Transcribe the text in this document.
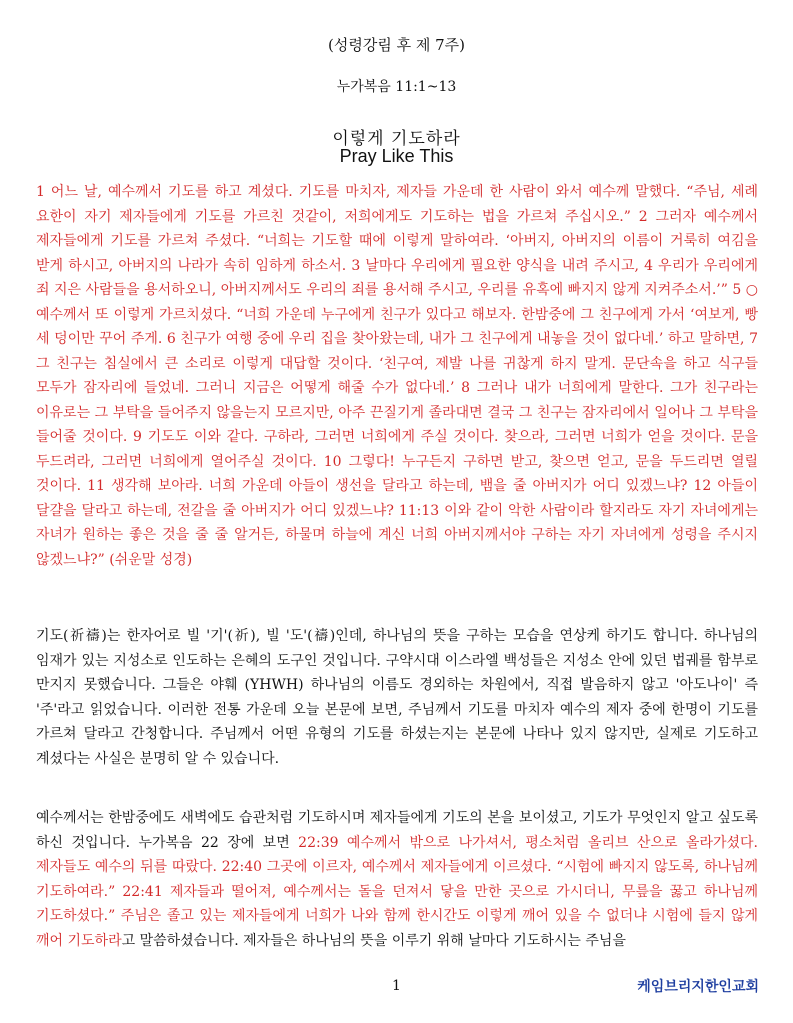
(성령강림 후 제 7주)
누가복음 11:1~13
이렇게 기도하라
Pray Like This
1 어느 날, 예수께서 기도를 하고 계셨다. 기도를 마치자, 제자들 가운데 한 사람이 와서 예수께 말했다. “주님, 세례 요한이 자기 제자들에게 기도를 가르친 것같이, 저희에게도 기도하는 법을 가르쳐 주십시오.” 2 그러자 예수께서 제자들에게 기도를 가르쳐 주셨다. “너희는 기도할 때에 이렇게 말하여라. ‘아버지, 아버지의 이름이 거룩히 여김을 받게 하시고, 아버지의 나라가 속히 임하게 하소서. 3 날마다 우리에게 필요한 양식을 내려 주시고, 4 우리가 우리에게 죄 지은 사람들을 용서하오니, 아버지께서도 우리의 죄를 용서해 주시고, 우리를 유혹에 빠지지 않게 지켜주소서.’” 5 ○ 예수께서 또 이렇게 가르치셨다. “너희 가운데 누구에게 친구가 있다고 해보자. 한밤중에 그 친구에게 가서 ‘여보게, 빵 세 덩이만 꾸어 주게. 6 친구가 여행 중에 우리 집을 찾아왔는데, 내가 그 친구에게 내놓을 것이 없다네.’ 하고 말하면, 7 그 친구는 침실에서 큰 소리로 이렇게 대답할 것이다. ‘친구여, 제발 나를 귀찮게 하지 말게. 문단속을 하고 식구들 모두가 잠자리에 들었네. 그러니 지금은 어떻게 해줄 수가 없다네.’ 8 그러나 내가 너희에게 말한다. 그가 친구라는 이유로는 그 부탁을 들어주지 않을는지 모르지만, 아주 끈질기게 졸라대면 결국 그 친구는 잠자리에서 일어나 그 부탁을 들어줄 것이다. 9 기도도 이와 같다. 구하라, 그러면 너희에게 주실 것이다. 찾으라, 그러면 너희가 얻을 것이다. 문을 두드려라, 그러면 너희에게 열어주실 것이다. 10 그렇다! 누구든지 구하면 받고, 찾으면 얻고, 문을 두드리면 열릴 것이다. 11 생각해 보아라. 너희 가운데 아들이 생선을 달라고 하는데, 뱀을 줄 아버지가 어디 있겠느냐? 12 아들이 달걀을 달라고 하는데, 전갈을 줄 아버지가 어디 있겠느냐? 11:13 이와 같이 악한 사람이라 할지라도 자기 자녀에게는 자녀가 원하는 좋은 것을 줄 줄 알거든, 하물며 하늘에 계신 너희 아버지께서야 구하는 자기 자녀에게 성령을 주시지 않겠느냐?” (쉬운말 성경)
기도(祈禱)는 한자어로 빌 '기'(祈), 빌 '도'(禱)인데, 하나님의 뜻을 구하는 모습을 연상케 하기도 합니다. 하나님의 임재가 있는 지성소로 인도하는 은혜의 도구인 것입니다. 구약시대 이스라엘 백성들은 지성소 안에 있던 법궤를 함부로 만지지 못했습니다. 그들은 야훼 (YHWH) 하나님의 이름도 경외하는 차원에서, 직접 발음하지 않고 '아도나이' 즉 '주'라고 읽었습니다. 이러한 전통 가운데 오늘 본문에 보면, 주님께서 기도를 마치자 예수의 제자 중에 한명이 기도를 가르쳐 달라고 간청합니다. 주님께서 어떤 유형의 기도를 하셨는지는 본문에 나타나 있지 않지만, 실제로 기도하고 계셨다는 사실은 분명히 알 수 있습니다.
예수께서는 한밤중에도 새벽에도 습관처럼 기도하시며 제자들에게 기도의 본을 보이셨고, 기도가 무엇인지 알고 싶도록 하신 것입니다. 누가복음 22 장에 보면 22:39 예수께서 밖으로 나가셔서, 평소처럼 올리브 산으로 올라가셨다. 제자들도 예수의 뒤를 따랐다. 22:40 그곳에 이르자, 예수께서 제자들에게 이르셨다. “시험에 빠지지 않도록, 하나님께 기도하여라.” 22:41 제자들과 떨어져, 예수께서는 돌을 던져서 닿을 만한 곳으로 가시더니, 무릎을 꿇고 하나님께 기도하셨다.” 주님은 졸고 있는 제자들에게 너희가 나와 함께 한시간도 이렇게 깨어 있을 수 없더냐 시험에 들지 않게 깨어 기도하라고 말씀하셨습니다. 제자들은 하나님의 뜻을 이루기 위해 날마다 기도하시는 주님을
1	케임브리지한인교회
